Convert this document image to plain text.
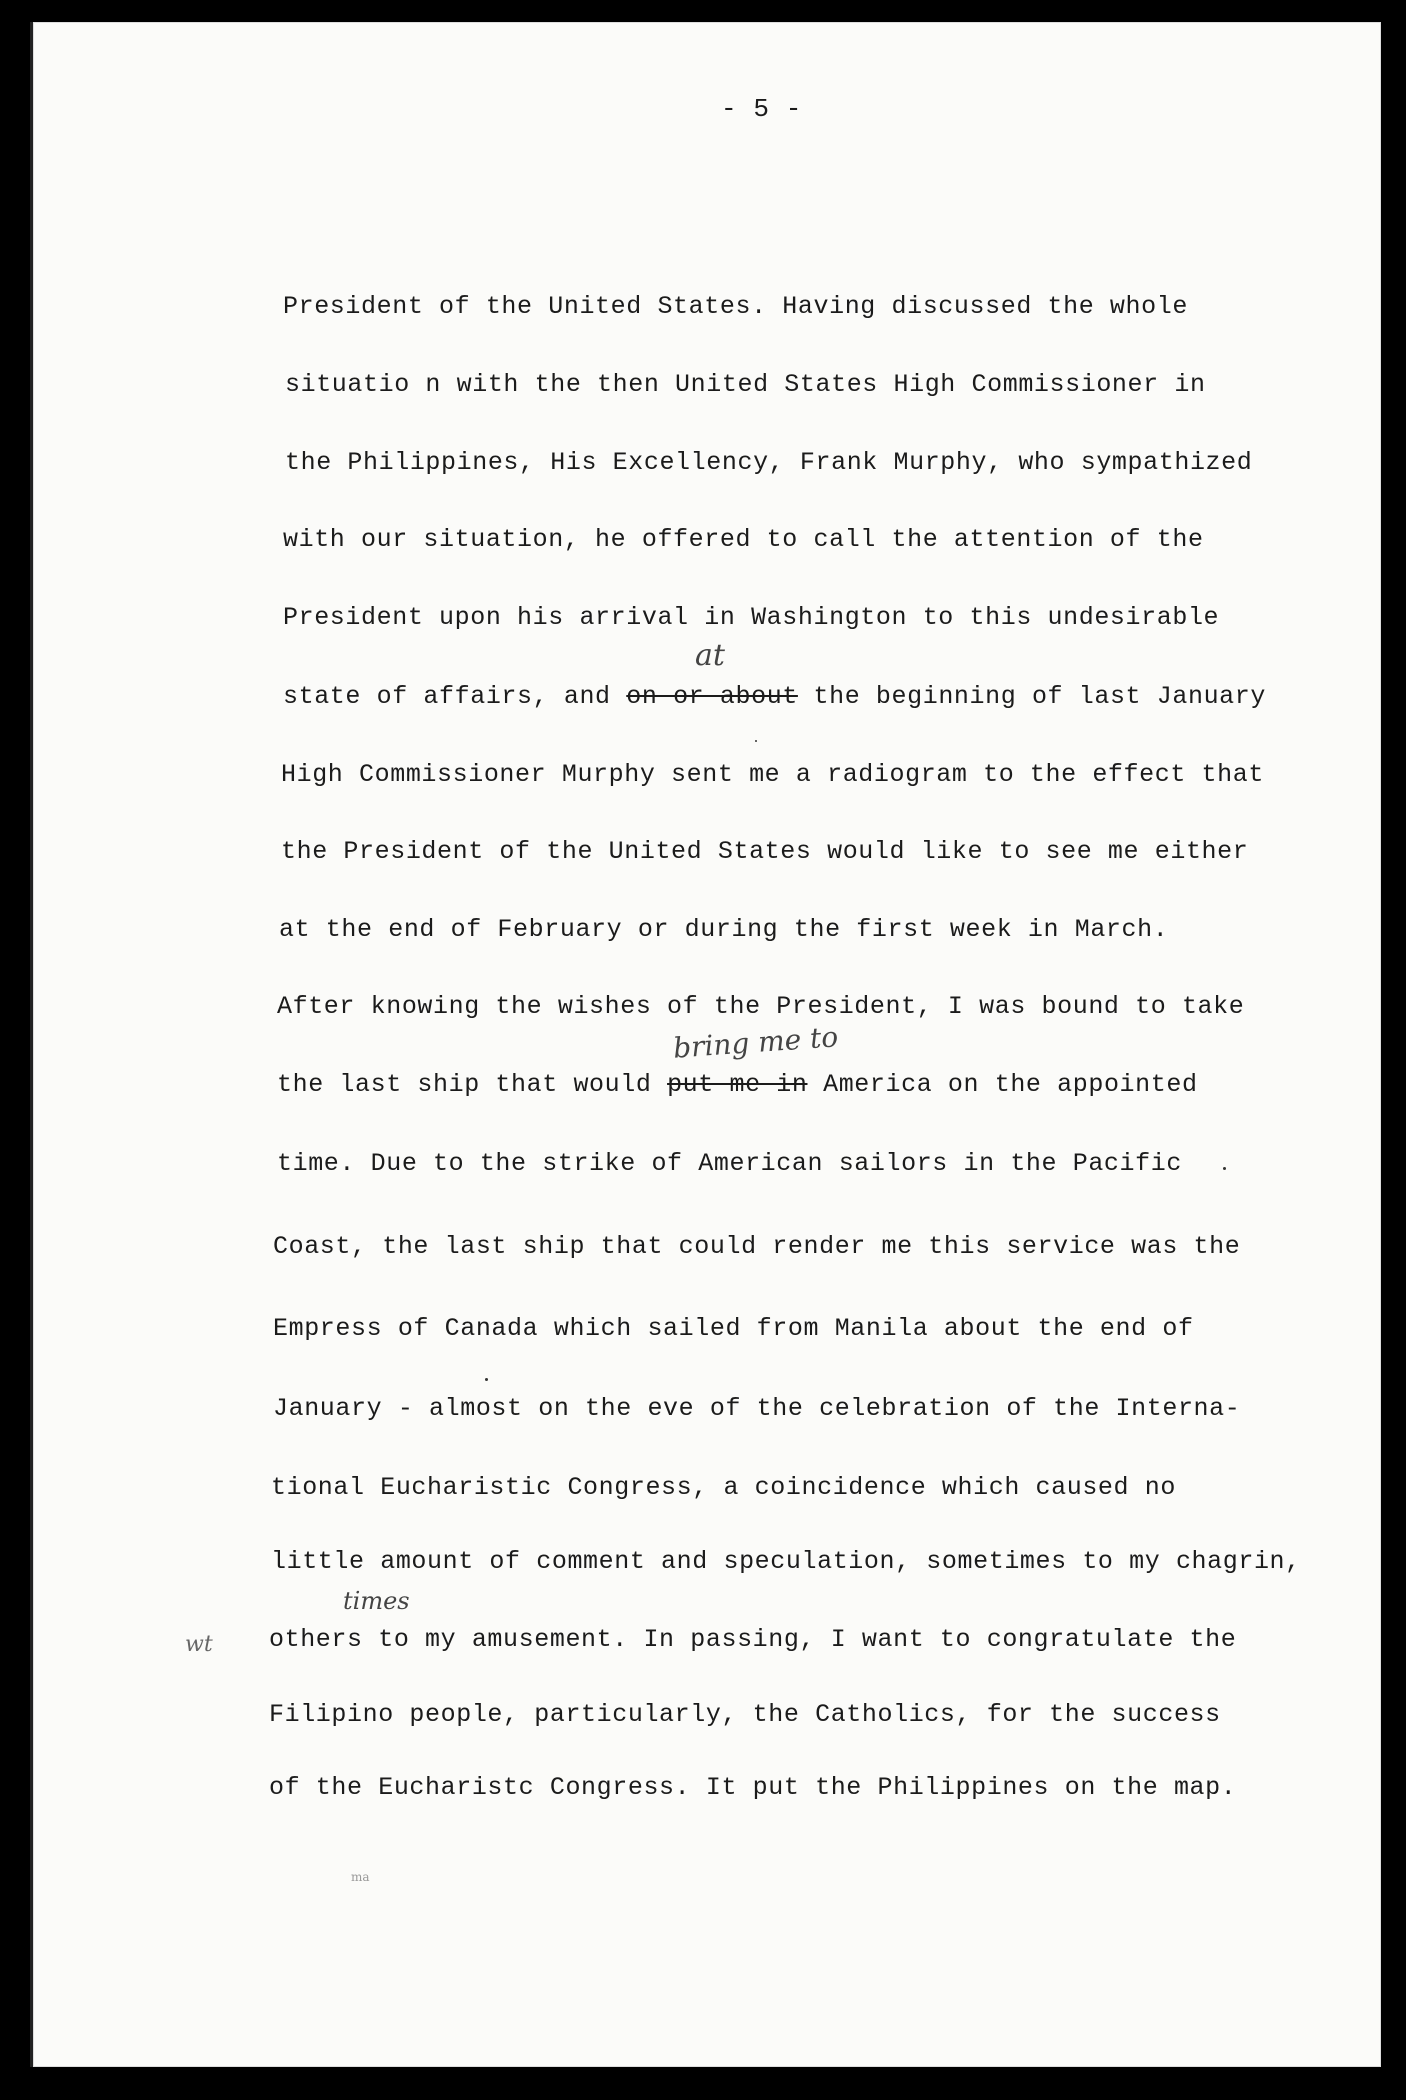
- 5 -
President of the United States. Having discussed the whole
situatio n with the then United States High Commissioner in
the Philippines, His Excellency, Frank Murphy, who sympathized
with our situation, he offered to call the attention of the
President upon his arrival in Washington to this undesirable
state of affairs, and on or about the beginning of last January
High Commissioner Murphy sent me a radiogram to the effect that
the President of the United States would like to see me either
at the end of February or during the first week in March.
After knowing the wishes of the President, I was bound to take
the last ship that would put me in America on the appointed
time. Due to the strike of American sailors in the Pacific
Coast, the last ship that could render me this service was the
Empress of Canada which sailed from Manila about the end of
January - almost on the eve of the celebration of the Interna-
tional Eucharistic Congress, a coincidence which caused no
little amount of comment and speculation, sometimes to my chagrin,
others to my amusement. In passing, I want to congratulate the
Filipino people, particularly, the Catholics, for the success
of the Eucharistc Congress. It put the Philippines on the map.
at
bring me to
times
wt
ma
